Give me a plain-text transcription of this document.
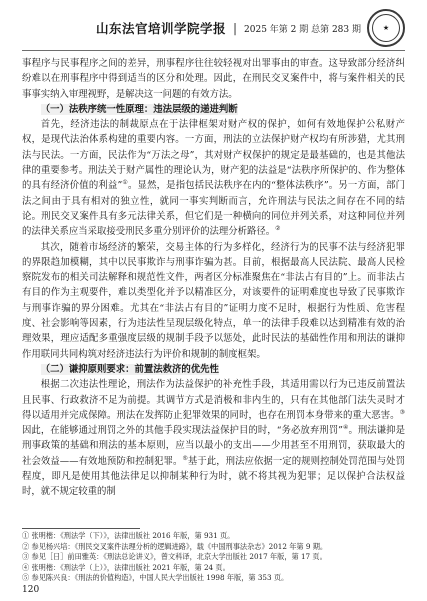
山东法官培训学院学报 | 2025 年第 2 期 总第 283 期	★

事程序与民事程序之间的差异，刑事程序往往较轻视对出罪事由的审查。这导致部分经济纠纷难以在刑事程序中得到适当的区分和处理。因此，在刑民交叉案件中，将与案件相关的民事事实纳入审理视野，是解决这一问题的有效方法。

（一）法秩序统一性原理：违法层级的递进判断

首先，经济违法的制裁原点在于法律框架对财产权的保护，如何有效地保护公私财产权，是现代法治体系构建的重要内容。一方面，刑法的立法保护财产权均有所涉猎，尤其刑法与民法。一方面，民法作为“万法之母”，其对财产权保护的规定是最基础的，也是其他法律的重要参考。刑法关于财产属性的理论认为，财产犯的法益是“法秩序所保护的、作为整体的具有经济价值的利益”①。显然，是指包括民法秩序在内的“整体法秩序”。另一方面，部门法之间由于具有相对的独立性，就同一事实判断而言，允许刑法与民法之间存在不同的结论。刑民交叉案件具有多元法律关系，但它们是一种横向的同位并列关系，对这种同位并列的法律关系应当采取接受刑民多重分别评价的法理分析路径。②

其次，随着市场经济的繁荣，交易主体的行为多样化，经济行为的民事不法与经济犯罪的界限趋加模糊，其中以民事欺诈与刑事诈骗为甚。目前，根据最高人民法院、最高人民检察院发布的相关司法解释和规范性文件，两者区分标准聚焦在“非法占有目的”上。而非法占有目的作为主观要件，难以类型化并予以精准区分，对该要件的证明难度也导致了民事欺诈与刑事诈骗的界分困难。尤其在“非法占有目的”证明力度不足时，根据行为性质、危害程度、社会影响等因素，行为违法性呈现层级化特点，单一的法律手段难以达到精准有效的治理效果，理应适配多重强度层级的规制手段予以惩处，此时民法的基础性作用和刑法的谦抑作用联同共同构筑对经济违法行为评价和规制的制度框架。

（二）谦抑原则要求：前置法救济的优先性

根据二次违法性理论，刑法作为法益保护的补充性手段，其适用需以行为已违反前置法且民事、行政救济不足为前提。其调节方式是消极和非内生的，只有在其他部门法失灵时才得以适用并完成保障。刑法在发挥防止犯罪效果的同时，也存在刑罚本身带来的重大恶害。③因此，在能够通过刑罚之外的其他手段实现法益保护目的时，“务必放弃刑罚”④。刑法谦抑是刑事政策的基础和刑法的基本原则，应当以最小的支出——少用甚至不用刑罚，获取最大的社会效益——有效地预防和控制犯罪。⑤基于此，刑法应依据一定的规则控制处罚范围与处罚程度，即凡是使用其他法律足以抑制某种行为时，就不将其视为犯罪；足以保护合法权益时，就不规定较重的制

① 张明楷：《刑法学（下）》，法律出版社 2016 年版，第 931 页。
② 参见杨兴培：《刑民交叉案件法理分析的逻辑进路》，载《中国刑事法杂志》2012 年第 9 期。
③ 参见［日］前田雅英：《刑法总论讲义》，曾文科译，北京大学出版社 2017 年版，第 17 页。
④ 张明楷：《刑法学（上）》，法律出版社 2021 年版，第 24 页。
⑤ 参见陈兴良：《刑法的价值构造》，中国人民大学出版社 1998 年版，第 353 页。
120
